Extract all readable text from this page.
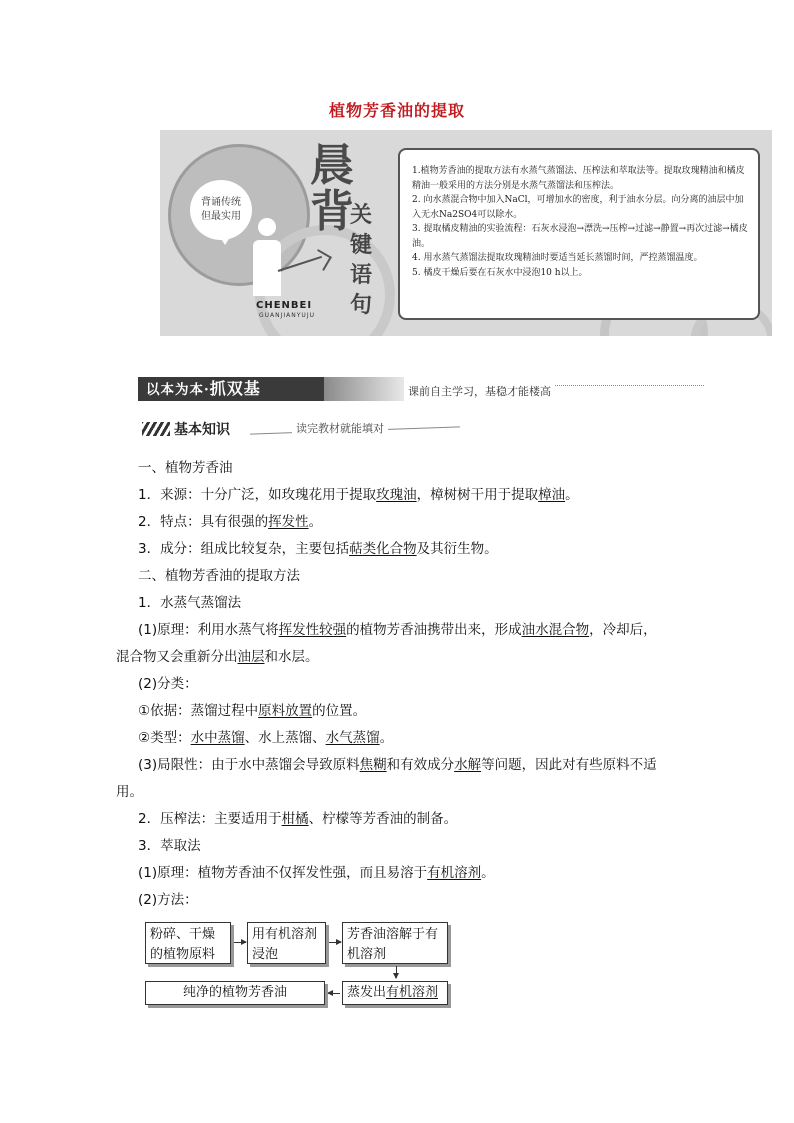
植物芳香油的提取
背诵传统
但最实用
晨
背
关键语句
CHENBEI
GUANJIANYUJU

1.植物芳香油的提取方法有水蒸气蒸馏法、压榨法和萃取法等。提取玫瑰精油和橘皮精油一般采用的方法分别是水蒸气蒸馏法和压榨法。

2. 向水蒸混合物中加入NaCl，可增加水的密度，利于油水分层。向分离的油层中加入无水Na2SO4可以除水。

3. 提取橘皮精油的实验流程：石灰水浸泡→漂洗→压榨→过滤→静置→再次过滤→橘皮油。

4. 用水蒸气蒸馏法提取玫瑰精油时要适当延长蒸馏时间，严控蒸馏温度。

5. 橘皮干燥后要在石灰水中浸泡10 h以上。

以本为本·抓双基	课前自主学习，基稳才能楼高
基本知识	读完教材就能填对

一、植物芳香油

1．来源：十分广泛，如玫瑰花用于提取玫瑰油，樟树树干用于提取樟油。

2．特点：具有很强的挥发性。

3．成分：组成比较复杂，主要包括萜类化合物及其衍生物。

二、植物芳香油的提取方法

1．水蒸气蒸馏法

(1)原理：利用水蒸气将挥发性较强的植物芳香油携带出来，形成油水混合物，冷却后，

混合物又会重新分出油层和水层。

(2)分类：

①依据：蒸馏过程中原料放置的位置。

②类型：水中蒸馏、水上蒸馏、水气蒸馏。

(3)局限性：由于水中蒸馏会导致原料焦糊和有效成分水解等问题，因此对有些原料不适

用。

2．压榨法：主要适用于柑橘、柠檬等芳香油的制备。

3．萃取法

(1)原理：植物芳香油不仅挥发性强，而且易溶于有机溶剂。

(2)方法：

粉碎、干燥的植物原料
用有机溶剂浸泡
芳香油溶解于有机溶剂
蒸发出有机溶剂
纯净的植物芳香油
